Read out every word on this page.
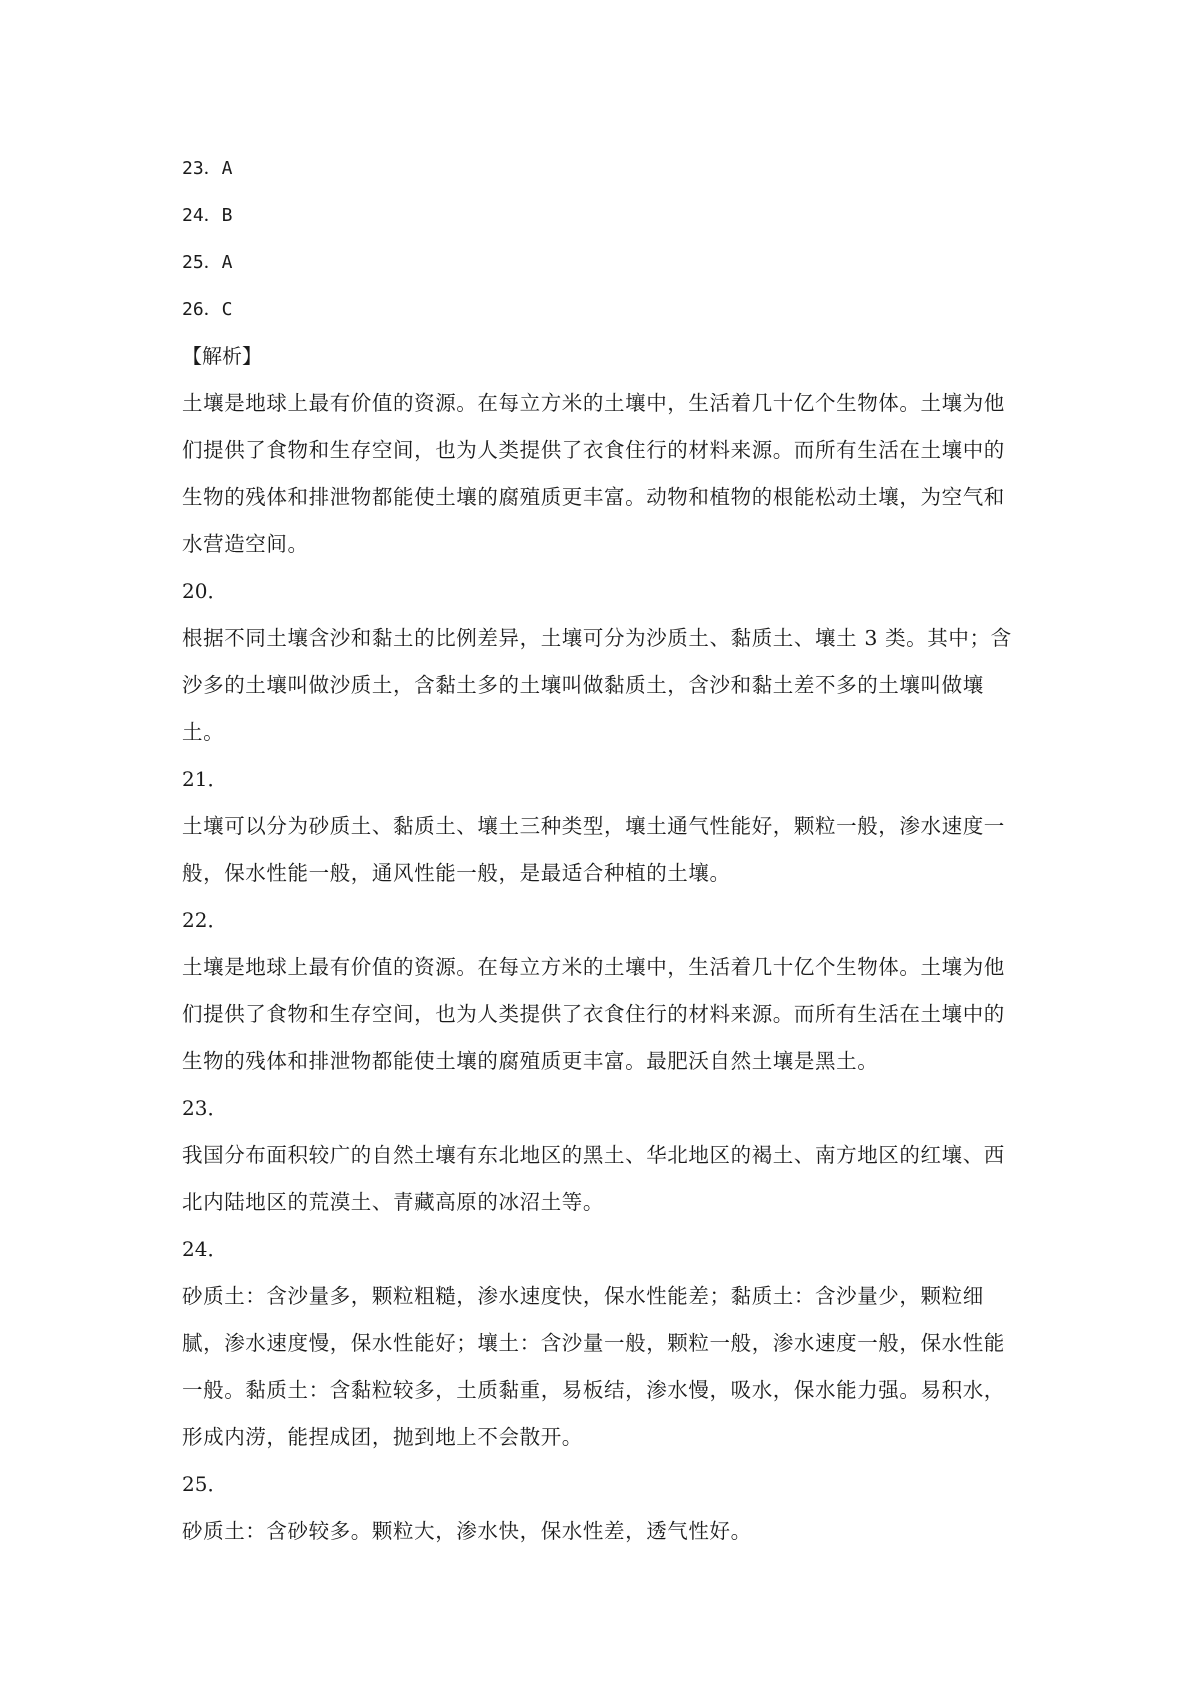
23．A
24．B
25．A
26．C
【解析】
土壤是地球上最有价值的资源。在每立方米的土壤中，生活着几十亿个生物体。土壤为他
们提供了食物和生存空间，也为人类提供了衣食住行的材料来源。而所有生活在土壤中的
生物的残体和排泄物都能使土壤的腐殖质更丰富。动物和植物的根能松动土壤，为空气和
水营造空间。
20．
根据不同土壤含沙和黏土的比例差异，土壤可分为沙质土、黏质土、壤土 3 类。其中；含
沙多的土壤叫做沙质土，含黏土多的土壤叫做黏质土，含沙和黏土差不多的土壤叫做壤
土。
21．
土壤可以分为砂质土、黏质土、壤土三种类型，壤土通气性能好，颗粒一般，渗水速度一
般，保水性能一般，通风性能一般，是最适合种植的土壤。
22．
土壤是地球上最有价值的资源。在每立方米的土壤中，生活着几十亿个生物体。土壤为他
们提供了食物和生存空间，也为人类提供了衣食住行的材料来源。而所有生活在土壤中的
生物的残体和排泄物都能使土壤的腐殖质更丰富。最肥沃自然土壤是黑土。
23．
我国分布面积较广的自然土壤有东北地区的黑土、华北地区的褐土、南方地区的红壤、西
北内陆地区的荒漠土、青藏高原的冰沼土等。
24．
砂质土：含沙量多，颗粒粗糙，渗水速度快，保水性能差；黏质土：含沙量少，颗粒细
腻，渗水速度慢，保水性能好；壤土：含沙量一般，颗粒一般，渗水速度一般，保水性能
一般。黏质土：含黏粒较多，土质黏重，易板结，渗水慢，吸水，保水能力强。易积水，
形成内涝，能捏成团，抛到地上不会散开。
25．
砂质土：含砂较多。颗粒大，渗水快，保水性差，透气性好。
